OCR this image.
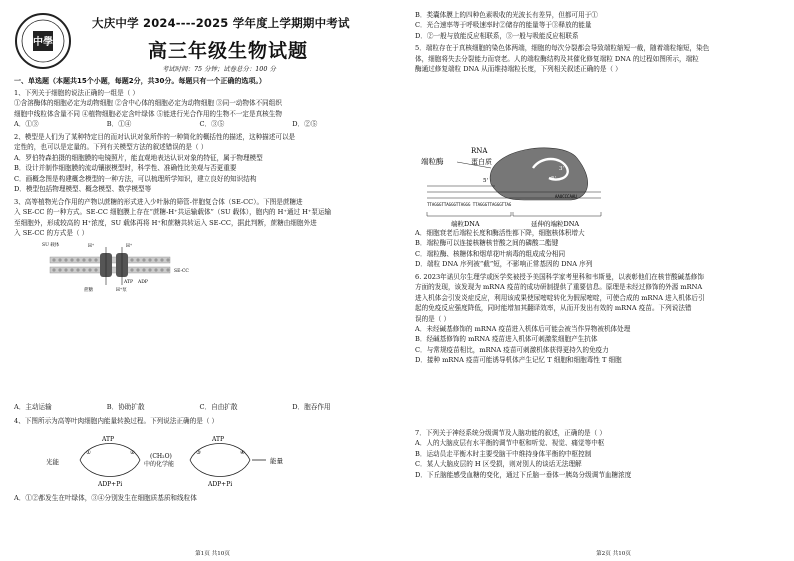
中學
大庆中学 2024----2025 学年度上学期期中考试
高三年级生物试题
考试时间：75 分钟；试卷总分：100 分
一、单选题（本题共15个小题，每题2分，共30分。每题只有一个正确的选项。）

1、下列关于细胞的说法正确的一组是（ ）

①含溶酶体的细胞必定为动物细胞 ②含中心体的细胞必定为动物细胞 ③同一动物体不同组织

细胞中线粒体含量不同 ④植物细胞必定含叶绿体 ⑤能进行光合作用的生物不一定是真核生物

A．①③	B．①④	C．③⑤	D．②⑤

2、模型是人们为了某种特定目的而对认识对象所作的一种简化的概括性的描述，这种描述可以是

定性的，也可以是定量的。下列有关模型方法的叙述错误的是（ ）

A．罗伯特森拍摄的细胞膜的电镜照片，能直观地表达认识对象的特征，属于物理模型

B．设计并制作细胞膜的流动镶嵌模型时，科学性、准确性比美观与否更重要

C．画概念图是构建概念模型的一种方法，可以梳理所学知识，建立良好的知识结构

D．模型包括物理模型、概念模型、数学模型等

3、高等植物光合作用的产物以蔗糖的形式进入少叶脉的筛管-伴胞复合体（SE-CC）。下图是蔗糖进

入 SE-CC 的一种方式。SE-CC 细胞膜上存在“蔗糖-H⁺共运输载体”（SU 载体），胞内的 H⁺通过 H⁺泵运输

至细胞外，形成较高的 H⁺浓度，SU 载体再将 H⁺和蔗糖共转运入 SE-CC，据此判断，蔗糖由细胞外进

入 SE-CC 的方式是（ ）

SU 载体	H⁺	H⁺
蔗糖
ATP ADP
H⁺泵
SE-CC
A．主动运输	B．协助扩散	C．自由扩散	D．胞吞作用

4、下图所示为高等叶肉细胞内能量转换过程。下列说法正确的是（ ）

光能
ATP
ADP+Pi
①	②	(CH₂O)
中的化学能
ATP
ADP+Pi
③	④
能量

A．①②都发生在叶绿体，③④分别发生在细胞质基质和线粒体

第1页 共10页

B．类囊体膜上的四种色素吸收的光波长有差异，但都可用于①

C．光合速率等于呼吸速率时②储存的能量等于③释放的能量

D．②一般与放能反应相联系，③一般与吸能反应相联系

5．端粒存在于真核细胞的染色体两端，细胞的每次分裂都会导致端粒缩短一截，随着端粒缩短，染色

体，细胞将失去分裂能力而衰老。人的端粒酶结构及其催化修复端粒 DNA 的过程如图所示，端粒

酶通过修复端粒 DNA 从而维持端粒长度，下列相关叙述正确的是（ ）

端粒酶
RNA
蛋白质
3'
5'
5'
TTAGGGTTAGGGTTAGGG TTAGGGTTAGGGTTAG
AAUCCCAAU
端粒DNA	延伸的端粒DNA

A．细胞衰老后端粒长度和酶活性都下降，细胞核体积增大

B．端粒酶可以连接核糖核苷酸之间的磷酸二酯键

C．端粒酶、核糖体和烟草花叶病毒的组成成分相同

D．端粒 DNA 序列被“截”短，不影响正常基因的 DNA 序列

6. 2023年诺贝尔生理学或医学奖被授予美国科学家考里科和韦斯曼，以表彰他们在核苷酸碱基修饰

方面的发现，该发现为 mRNA 疫苗的成功研制提供了重要信息。原理是未经过修饰的外源 mRNA

进入机体会引发炎症反应，利用该成果使尿嘧啶转化为假尿嘧啶，可使合成的 mRNA 进入机体后引

起的免疫反应强度降低，同时能增加其翻译效率，从而开发出有效的 mRNA 疫苗。下列说法错

误的是（ ）

A．未经碱基修饰的 mRNA 疫苗进入机体后可能会被当作异物被机体处理

B．经碱基修饰的 mRNA 疫苗进入机体可刺激浆细胞产生抗体

C．与常规疫苗相比，mRNA 疫苗可刺激机体获得更持久的免疫力

D．接种 mRNA 疫苗可能诱导机体产生记忆 T 细胞和细胞毒性 T 细胞

7．下列关于神经系统分级调节及人脑功能的叙述，正确的是（ ）

A．人的大脑皮层有水平衡的调节中枢和听觉、视觉、痛觉等中枢

B．运动员走平衡木时主要受脑干中维持身体平衡的中枢控制

C．某人大脑皮层的 H 区受损，则对别人的谈话无法理解

D．下丘脑能感受血糖的变化，通过下丘脑一垂体一胰岛分级调节血糖浓度

第2页 共10页
